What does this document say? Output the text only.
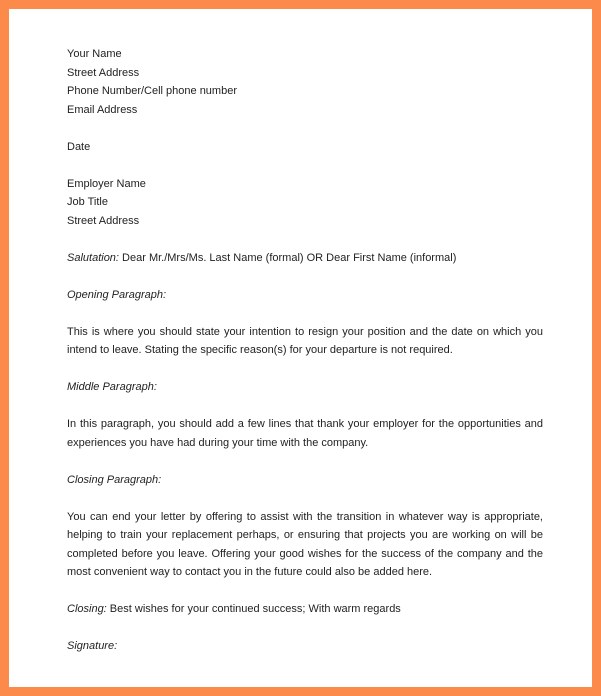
Your Name
Street Address
Phone Number/Cell phone number
Email Address
Date
Employer Name
Job Title
Street Address
Salutation: Dear Mr./Mrs/Ms. Last Name (formal) OR Dear First Name (informal)
Opening Paragraph:
This is where you should state your intention to resign your position and the date on which you
intend to leave. Stating the specific reason(s) for your departure is not required.
Middle Paragraph:
In this paragraph, you should add a few lines that thank your employer for the opportunities and
experiences you have had during your time with the company.
Closing Paragraph:
You can end your letter by offering to assist with the transition in whatever way is appropriate,
helping to train your replacement perhaps, or ensuring that projects you are working on will be
completed before you leave. Offering your good wishes for the success of the company and the
most convenient way to contact you in the future could also be added here.
Closing: Best wishes for your continued success; With warm regards
Signature:
